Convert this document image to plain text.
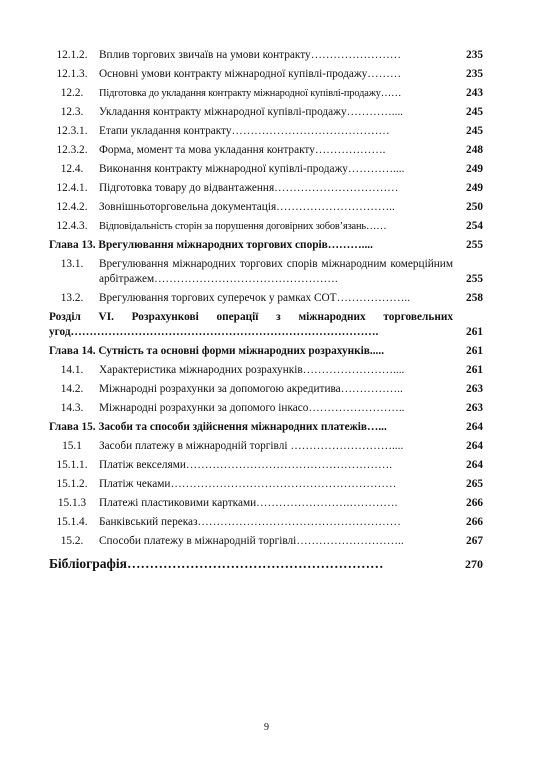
12.1.2.	Вплив торгових звичаїв на умови контракту……………………	235
12.1.3.	Основні умови контракту міжнародної купівлі-продажу………	235
12.2.	Підготовка до укладання контракту міжнародної купівлі-продажу……	243
12.3.	Укладання контракту міжнародної купівлі-продажу…………....	245
12.3.1.	Етапи укладання контракту……………………………………	245
12.3.2.	Форма, момент та мова укладання контракту……………….	248
12.4.	Виконання контракту міжнародної купівлі-продажу…………....	249
12.4.1.	Підготовка товару до відвантаження……………………………	249
12.4.2.	Зовнішньоторговельна документація…………………………..	250
12.4.3.	Відповідальність сторін за порушення договірних зобов’язань……	254
Глава 13. Врегулювання міжнародних торгових спорів………....	255
13.1.	Врегулювання міжнародних торгових спорів міжнародним комерційним арбітражем………………………………………….	255
13.2.	Врегулювання торгових суперечок у рамках СОТ………………..	258
Розділ VI. Розрахункові операції з міжнародних торговельних угод……………………………………………………………………….	261
Глава 14. Сутність та основні форми міжнародних розрахунків.....	261
14.1.	Характеристика міжнародних розрахунків……………………....	261
14.2.	Міжнародні розрахунки за допомогою акредитива……………..	263
14.3.	Міжнародні розрахунки за допомого інкасо……………………..	263
Глава 15. Засоби та способи здійснення міжнародних платежів…...	264
15.1	Засоби платежу в міжнародній торгівлі ………………………....	264
15.1.1.	Платіж векселями……………………………………………….	264
15.1.2.	Платіж чеками……………………………………………………	265
15.1.3	Платежі пластиковими картками…………………….………….	266
15.1.4.	Банківський переказ………………………………………………	266
15.2.	Способи платежу в міжнародній торгівлі………………………..	267
Бібліографія…………………………………………………	270
9
